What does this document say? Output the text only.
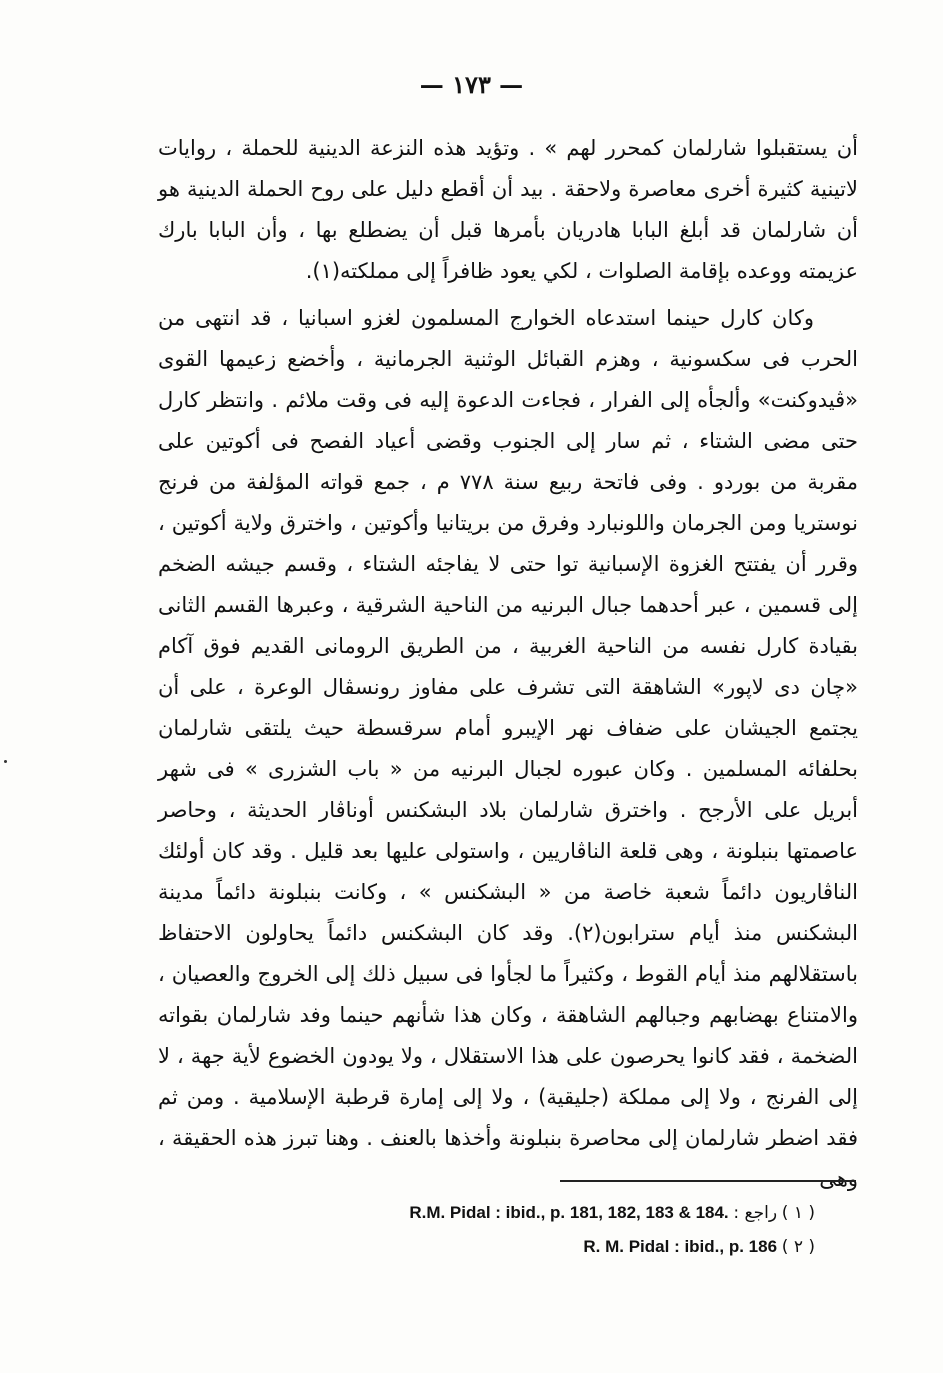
— ١٧٣ —

أن يستقبلوا شارلمان كمحرر لهم » . وتؤيد هذه النزعة الدينية للحملة ، روايات لاتينية كثيرة أخرى معاصرة ولاحقة . بيد أن أقطع دليل على روح الحملة الدينية هو أن شارلمان قد أبلغ البابا هادريان بأمرها قبل أن يضطلع بها ، وأن البابا بارك عزيمته ووعده بإقامة الصلوات ، لكي يعود ظافراً إلى مملكته(١).

وكان كارل حينما استدعاه الخوارج المسلمون لغزو اسبانيا ، قد انتهى من الحرب فى سكسونية ، وهزم القبائل الوثنية الجرمانية ، وأخضع زعيمها القوى «ڤيدوكنت» وألجأه إلى الفرار ، فجاءت الدعوة إليه فى وقت ملائم . وانتظر كارل حتى مضى الشتاء ، ثم سار إلى الجنوب وقضى أعياد الفصح فى أكوتين على مقربة من بوردو . وفى فاتحة ربيع سنة ٧٧٨ م ، جمع قواته المؤلفة من فرنج نوستريا ومن الجرمان واللونبارد وفرق من بريتانيا وأكوتين ، واخترق ولاية أكوتين ، وقرر أن يفتتح الغزوة الإسبانية توا حتى لا يفاجئه الشتاء ، وقسم جيشه الضخم إلى قسمين ، عبر أحدهما جبال البرنيه من الناحية الشرقية ، وعبرها القسم الثانى بقيادة كارل نفسه من الناحية الغربية ، من الطريق الرومانى القديم فوق آكام «چان دى لاپور» الشاهقة التى تشرف على مفاوز رونسڤال الوعرة ، على أن يجتمع الجيشان على ضفاف نهر الإيبرو أمام سرقسطة حيث يلتقى شارلمان بحلفائه المسلمين . وكان عبوره لجبال البرنيه من « باب الشزرى » فى شهر أبريل على الأرجح . واخترق شارلمان بلاد البشكنس أوناڤار الحديثة ، وحاصر عاصمتها بنبلونة ، وهى قلعة الناڤاريين ، واستولى عليها بعد قليل . وقد كان أولئك الناڤاريون دائماً شعبة خاصة من « البشكنس » ، وكانت بنبلونة دائماً مدينة البشكنس منذ أيام سترابون(٢). وقد كان البشكنس دائماً يحاولون الاحتفاظ باستقلالهم منذ أيام القوط ، وكثيراً ما لجأوا فى سبيل ذلك إلى الخروج والعصيان ، والامتناع بهضابهم وجبالهم الشاهقة ، وكان هذا شأنهم حينما وفد شارلمان بقواته الضخمة ، فقد كانوا يحرصون على هذا الاستقلال ، ولا يودون الخضوع لأية جهة ، لا إلى الفرنج ، ولا إلى مملكة (جليقية) ، ولا إلى إمارة قرطبة الإسلامية . ومن ثم فقد اضطر شارلمان إلى محاصرة بنبلونة وأخذها بالعنف . وهنا تبرز هذه الحقيقة ، وهى

( ١ ) راجع : R.M. Pidal : ibid., p. 181, 182, 183 & 184.
( ٢ ) R. M. Pidal : ibid., p. 186
